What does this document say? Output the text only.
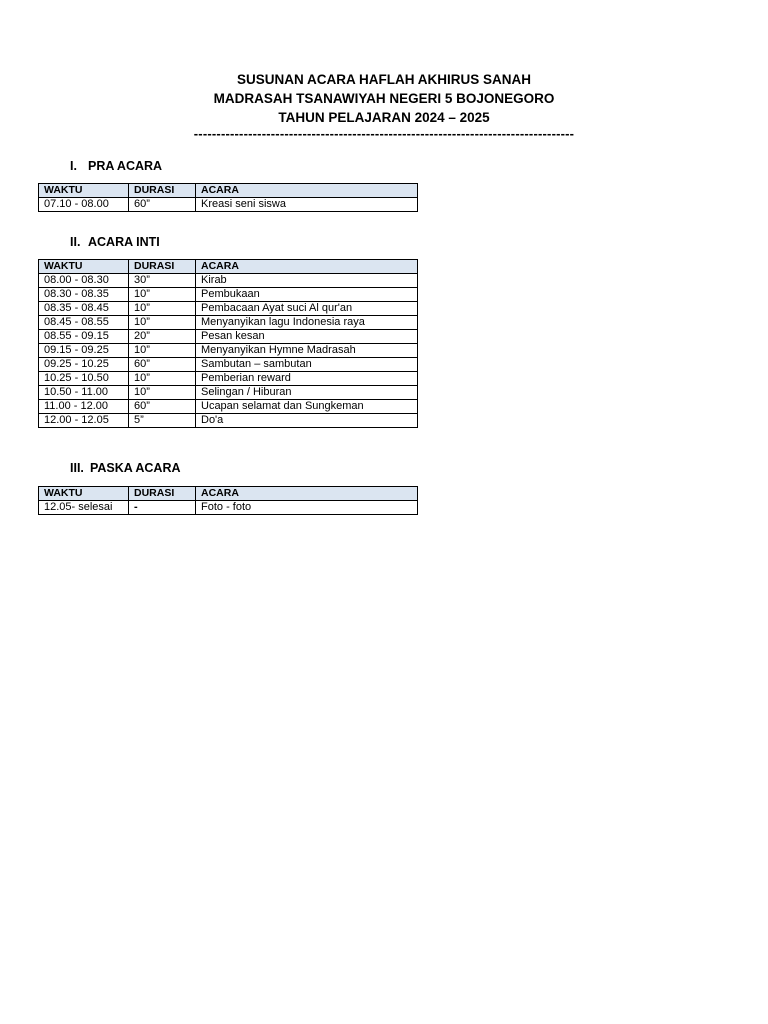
SUSUNAN ACARA HAFLAH AKHIRUS SANAH
MADRASAH TSANAWIYAH NEGERI 5 BOJONEGORO
TAHUN PELAJARAN 2024 – 2025
------------------------------------------------------------------------------------
I. PRA ACARA
WAKTU	DURASI	ACARA
07.10 - 08.00	60”	Kreasi seni siswa
II. ACARA INTI
WAKTU	DURASI	ACARA
08.00 - 08.30	30”	Kirab
08.30 - 08.35	10”	Pembukaan
08.35 - 08.45	10”	Pembacaan Ayat suci Al qur'an
08.45 - 08.55	10”	Menyanyikan lagu Indonesia raya
08.55 - 09.15	20”	Pesan kesan
09.15 - 09.25	10”	Menyanyikan Hymne Madrasah
09.25 - 10.25	60”	Sambutan – sambutan
10.25 - 10.50	10”	Pemberian reward
10.50 - 11.00	10”	Selingan / Hiburan
11.00 - 12.00	60”	Ucapan selamat dan Sungkeman
12.00 - 12.05	5”	Do'a
III. PASKA ACARA
WAKTU	DURASI	ACARA
12.05- selesai	-	Foto - foto
